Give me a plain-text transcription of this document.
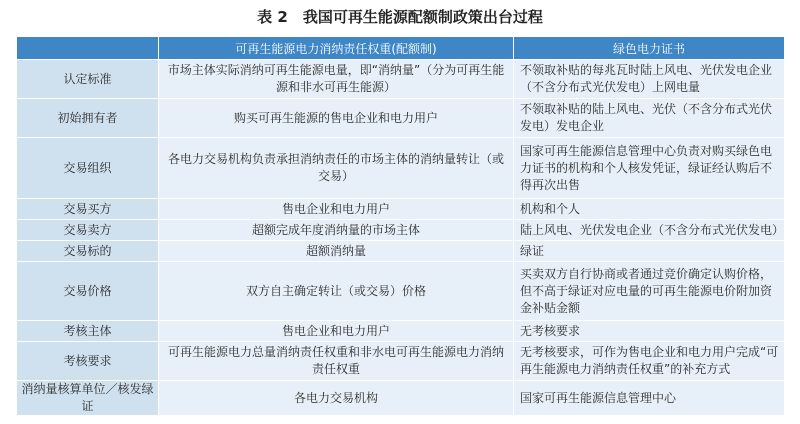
表 2　我国可再生能源配额制政策出台过程
	可再生能源电力消纳责任权重(配额制)	绿色电力证书
认定标准	市场主体实际消纳可再生能源电量，即“消纳量”（分为可再生能源和非水可再生能源）	不领取补贴的每兆瓦时陆上风电、光伏发电企业（不含分布式光伏发电）上网电量
初始拥有者	购买可再生能源的售电企业和电力用户	不领取补贴的陆上风电、光伏（不含分布式光伏发电）发电企业
交易组织	各电力交易机构负责承担消纳责任的市场主体的消纳量转让（或交易）	国家可再生能源信息管理中心负责对购买绿色电力证书的机构和个人核发凭证，绿证经认购后不得再次出售
交易买方	售电企业和电力用户	机构和个人
交易卖方	超额完成年度消纳量的市场主体	陆上风电、光伏发电企业（不含分布式光伏发电）
交易标的	超额消纳量	绿证
交易价格	双方自主确定转让（或交易）价格	买卖双方自行协商或者通过竞价确定认购价格，但不高于绿证对应电量的可再生能源电价附加资金补贴金额
考核主体	售电企业和电力用户	无考核要求
考核要求	可再生能源电力总量消纳责任权重和非水电可再生能源电力消纳责任权重	无考核要求，可作为售电企业和电力用户完成“可再生能源电力消纳责任权重”的补充方式
消纳量核算单位／核发绿证	各电力交易机构	国家可再生能源信息管理中心
